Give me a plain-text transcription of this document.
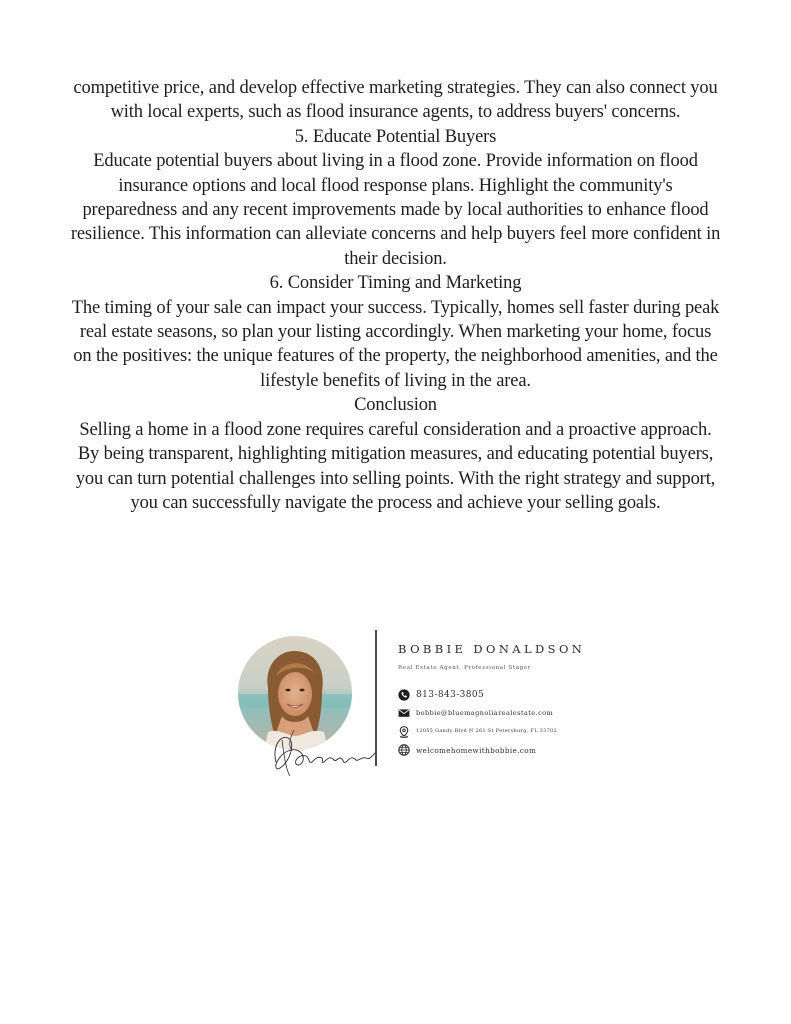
competitive price, and develop effective marketing strategies. They can also connect you with local experts, such as flood insurance agents, to address buyers' concerns.

5. Educate Potential Buyers

Educate potential buyers about living in a flood zone. Provide information on flood insurance options and local flood response plans. Highlight the community's preparedness and any recent improvements made by local authorities to enhance flood resilience. This information can alleviate concerns and help buyers feel more confident in their decision.

6. Consider Timing and Marketing

The timing of your sale can impact your success. Typically, homes sell faster during peak real estate seasons, so plan your listing accordingly. When marketing your home, focus on the positives: the unique features of the property, the neighborhood amenities, and the lifestyle benefits of living in the area.

Conclusion

Selling a home in a flood zone requires careful consideration and a proactive approach. By being transparent, highlighting mitigation measures, and educating potential buyers, you can turn potential challenges into selling points. With the right strategy and support, you can successfully navigate the process and achieve your selling goals.

BOBBIE DONALDSON
Real Estate Agent, Professional Stager
813-843-3805
bobbie@bluemagnoliarealestate.com
12055 Gandy Blvd N 261 St Petersburg, FL 33702
welcomehomewithbobbie.com
